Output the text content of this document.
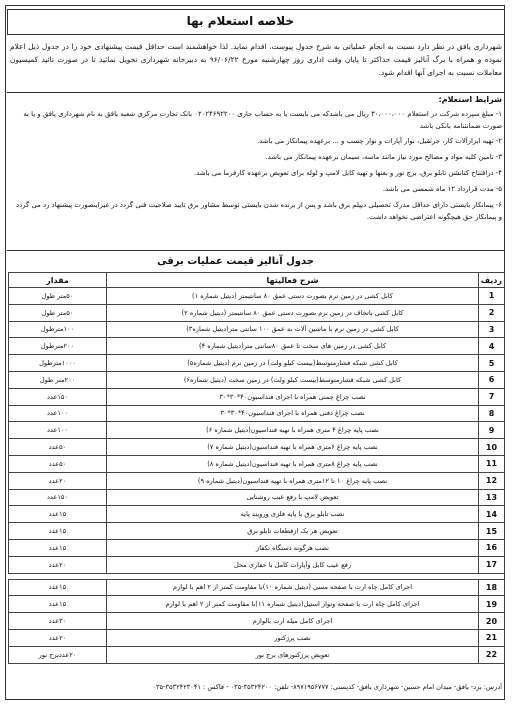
خلاصه استعلام بها
شهرداری یافق در نظر دارد نسبت به انجام عملیاتی به شرح جدول پیوست، اقدام نماید. لذا خواهشمند است حداقل قیمت پیشنهادی خود را در جدول ذیل اعلام نموده و همراه با برگ آنالیز قیمت حداکثر تا پایان وقت اداری روز چهارشنبه مورخ ۹۶/۰۶/۲۲ به دبیرخانه شهرداری تحویل نمائید تا در صورت تائید کمیسیون معاملات نسبت به اجرای آنها اقدام شود.
شرایط استعلام:
۱- مبلغ سپرده شرکت در استعلام ۳۰،۰۰۰،۰۰۰ ریال می باشدکه می بایست یا به حساب جاری ۰۲۰۲۴۶۹۲۲۰۰ بانک تجارت مرکزی شعبه یافق به نام شهرداری یافق و یا به صورت ضمانتنامه بانکی باشد
۲- تهیه ابزارآلات کار، جرثقیل، نوار آپارات و نوار چسب و ... برعهده پیمانکار می باشد.
۳- تامین کلیه مواد و مصالح مورد نیاز مانند ماسه، سیمان برعهده پیمانکار می باشد.
۴- درافتتاح کنانشن تابلو برق، برچ نور و بعنها و تهیه کابل لامپ و لوله برای تعویض برعهده کارفرما می باشد.
۵- مدت قرارداد ۱۲ ماه شمسی می باشد.
۶- پیمانکار بایستی دارای حداقل مدرک تحصیلی دیپلم برق باشد و پس از برنده شدن بایستی توسط مشاور برق تایید صلاحیت فنی گردد در غیراینصورت پیشنهاد رد می گردد و پیمانکار حق هیچگونه اعتراضی نخواهد داشت.
جدول آنالیز قیمت عملیات برقی
ردیف	شرح فعالیتها	مقدار
1	کابل کشی در زمین نرم بصورت دستی عمق ۸۰ سانتیمتر (دیتیل شماره ۱)	۵۰متر طول
2	کابل کشی باتخاف در زمین نرم بصورت دستی عمق ۸۰ سانتیمتر (دیتیل شماره ۲)	۵۰متر طول
3	کابل کشی در زمین نرم با ماشین آلات به عمق ۱۰۰ سانتی متر(دیتیل شماره۳)	۱۰۰مترطول
4	کابل کشی در زمین های سخت تا عمق ۸۰سانتی متر(دیتیل شماره ۴)	۲۰۰مترطول
5	کابل کشی شبکه فشارمتوسط(بیست کیلو ولت) در زمین نرم (دیتیل شماره۵)	۱۰۰۰مترطول
6	کابل کشی شبکه فشارمتوسط(بیست کیلو ولت) در زمین سخت (دیتیل شماره۶)	۲۰۰متر طول
7	نصب چراغ چمنی همراه با اجرای فنداسیون۴۰*۳۰*۳۰	۱۵۰عدد
8	نصب چراغ دفنی همراه با اجرای فنداسیون۴۰*۳۰*۳۰	۱۰۰عدد
9	نصب پایه چراغ ۴ متری همراه با تهیه فنداسیون(دیتیل شماره ۶)	۱۰۰عدد
10	نصب پایه چراغ ۶متری همراه با تهیه فنداسیون(دیتیل شماره ۷)	۵۰عدد
11	نصب پایه چراغ ۸متری همراه با تهیه فنداسیون(دیتیل شماره ۸)	۵۰عدد
12	نصب پایه چراغ ۱۰ تا ۱۲متری همراه با تهیه فنداسیون(دیتیل شماره ۹)	۲۰عدد
13	تعویض لامپ با رفع عیب روشنایی	۱۵۰عدد
14	نصب تابلو برق با پایه فلزی ورویند پایه	۱۵عدد
15	تعویض هر یک ازقطعات تابلو برق	۱۵عدد
16	نصب هرگونه دستگاه تکفاز	۱۵عدد
17	رفع عیب کابل وآپارات کامل با حفاری محل	۲۰عدد

18	اجرای کامل چاه ارت با صفحه مسی (دیتیل شماره ۱۰)با مقاومت کمتر از ۲ اهم با لوازم	۱۵عدد
19	اجرای کامل چاه ارت با صفحه ونوار استیل(دیتیل شماره ۱۱)با مقاومت کمتر از ۲ اهم با لوازم	۱۵عدد
20	اجرای کامل میله ارت بالوازم	۳۰عدد
21	نصب پرژکتور	۲۰عدد
22	تعویض پرژکتورهای برج نور	۲۰عددبرج نور
آدرس: یزد- یافق- میدان امام حسین- شهرداری یافق- کدپستی: ۸۹۷۱۹۵۶۷۷۷- تلفن: ۳۵۳۲۴۲۰۰-۰۳۵ - فاکس : ۳۵۳۲۴۲۳۰۴۱-۰۳۵
